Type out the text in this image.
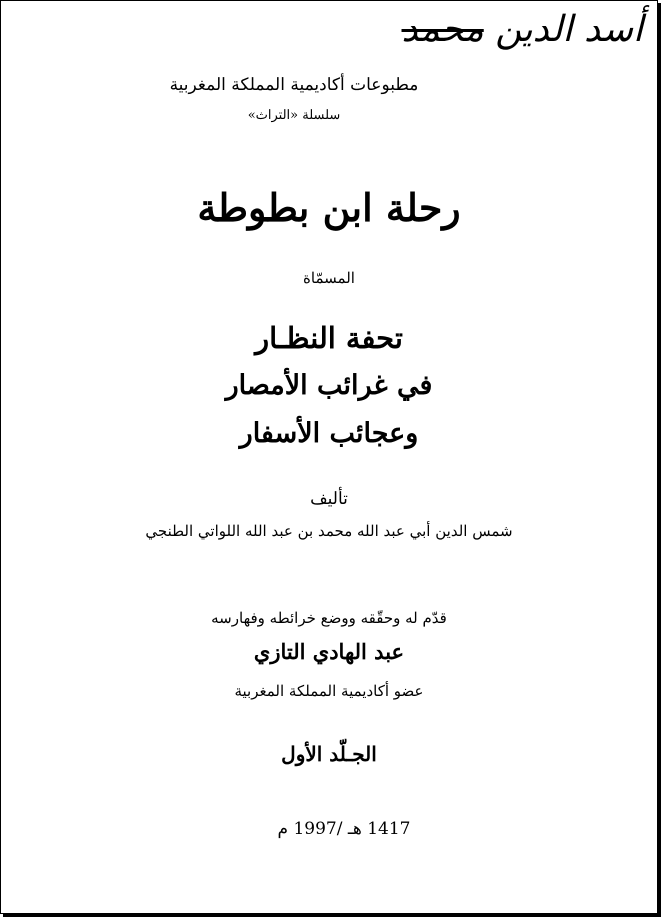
أسد الدين محمد
مطبوعات أكاديمية المملكة المغربية
سلسلة «التراث»
رحلة ابن بطوطة
المسمّاة
تحفة النظـار
في غرائب الأمصار
وعجائب الأسفار
تأليف
شمس الدين أبي عبد الله محمد بن عبد الله اللواتي الطنجي
قدّم له وحقّقه ووضع خرائطه وفهارسه
عبد الهادي التازي
عضو أكاديمية المملكة المغربية
الجـلّد الأول
1417 هـ /1997 م
